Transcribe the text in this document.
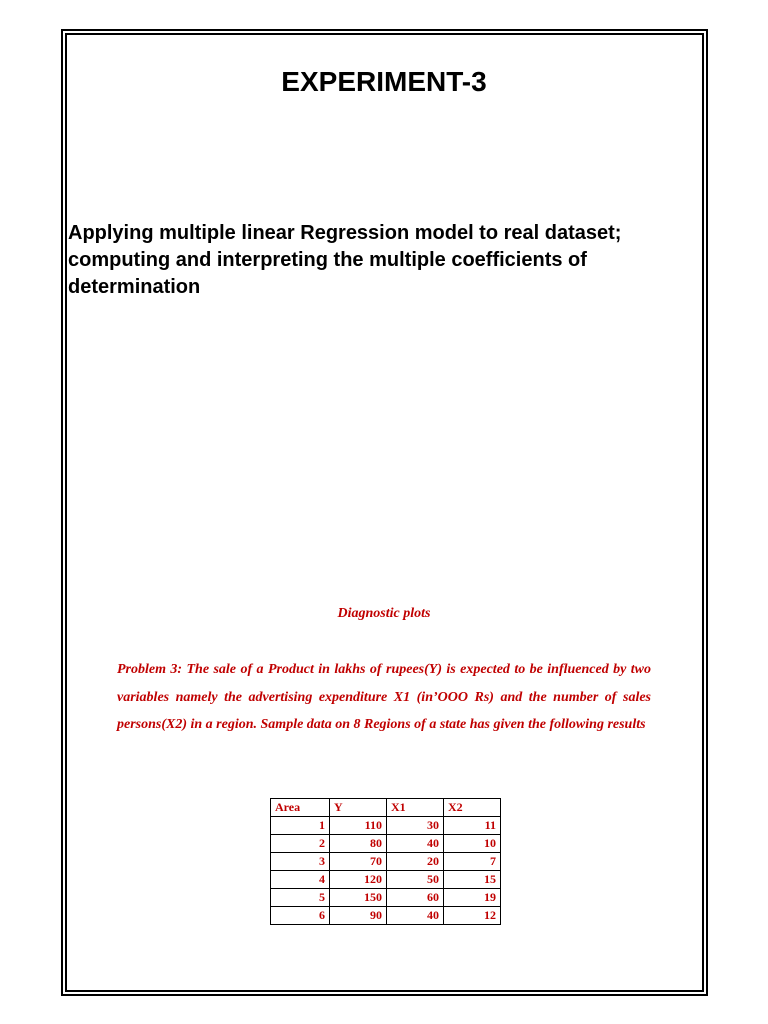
EXPERIMENT-3

Applying multiple linear Regression model to real dataset; computing and interpreting the multiple coefficients of determination

Diagnostic plots

Problem 3: The sale of a Product in lakhs of rupees(Y) is expected to be influenced by two variables namely the advertising expenditure X1 (in’OOO Rs) and the number of sales persons(X2) in a region. Sample data on 8 Regions of a state has given the following results

Area	Y	X1	X2
1	110	30	11
2	80	40	10
3	70	20	7
4	120	50	15
5	150	60	19
6	90	40	12
